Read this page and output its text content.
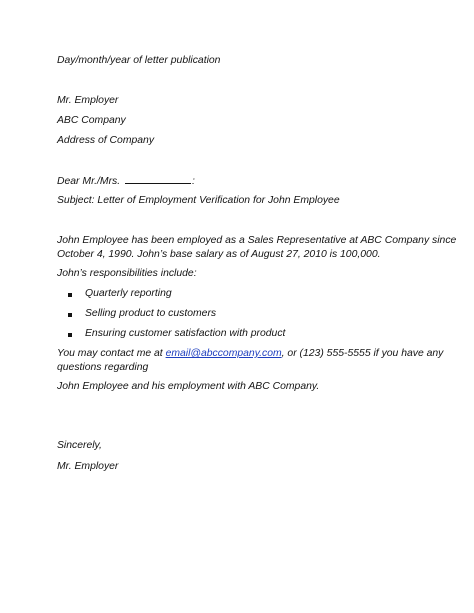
Day/month/year of letter publication

Mr. Employer

ABC Company

Address of Company

Dear Mr./Mrs.	:

Subject: Letter of Employment Verification for John Employee

John Employee has been employed as a Sales Representative at ABC Company since

October 4, 1990. John’s base salary as of August 27, 2010 is 100,000.

John’s responsibilities include:

Quarterly reporting
Selling product to customers
Ensuring customer satisfaction with product

You may contact me at email@abccompany.com, or (123) 555-5555 if you have any

questions regarding

John Employee and his employment with ABC Company.

Sincerely,

Mr. Employer
